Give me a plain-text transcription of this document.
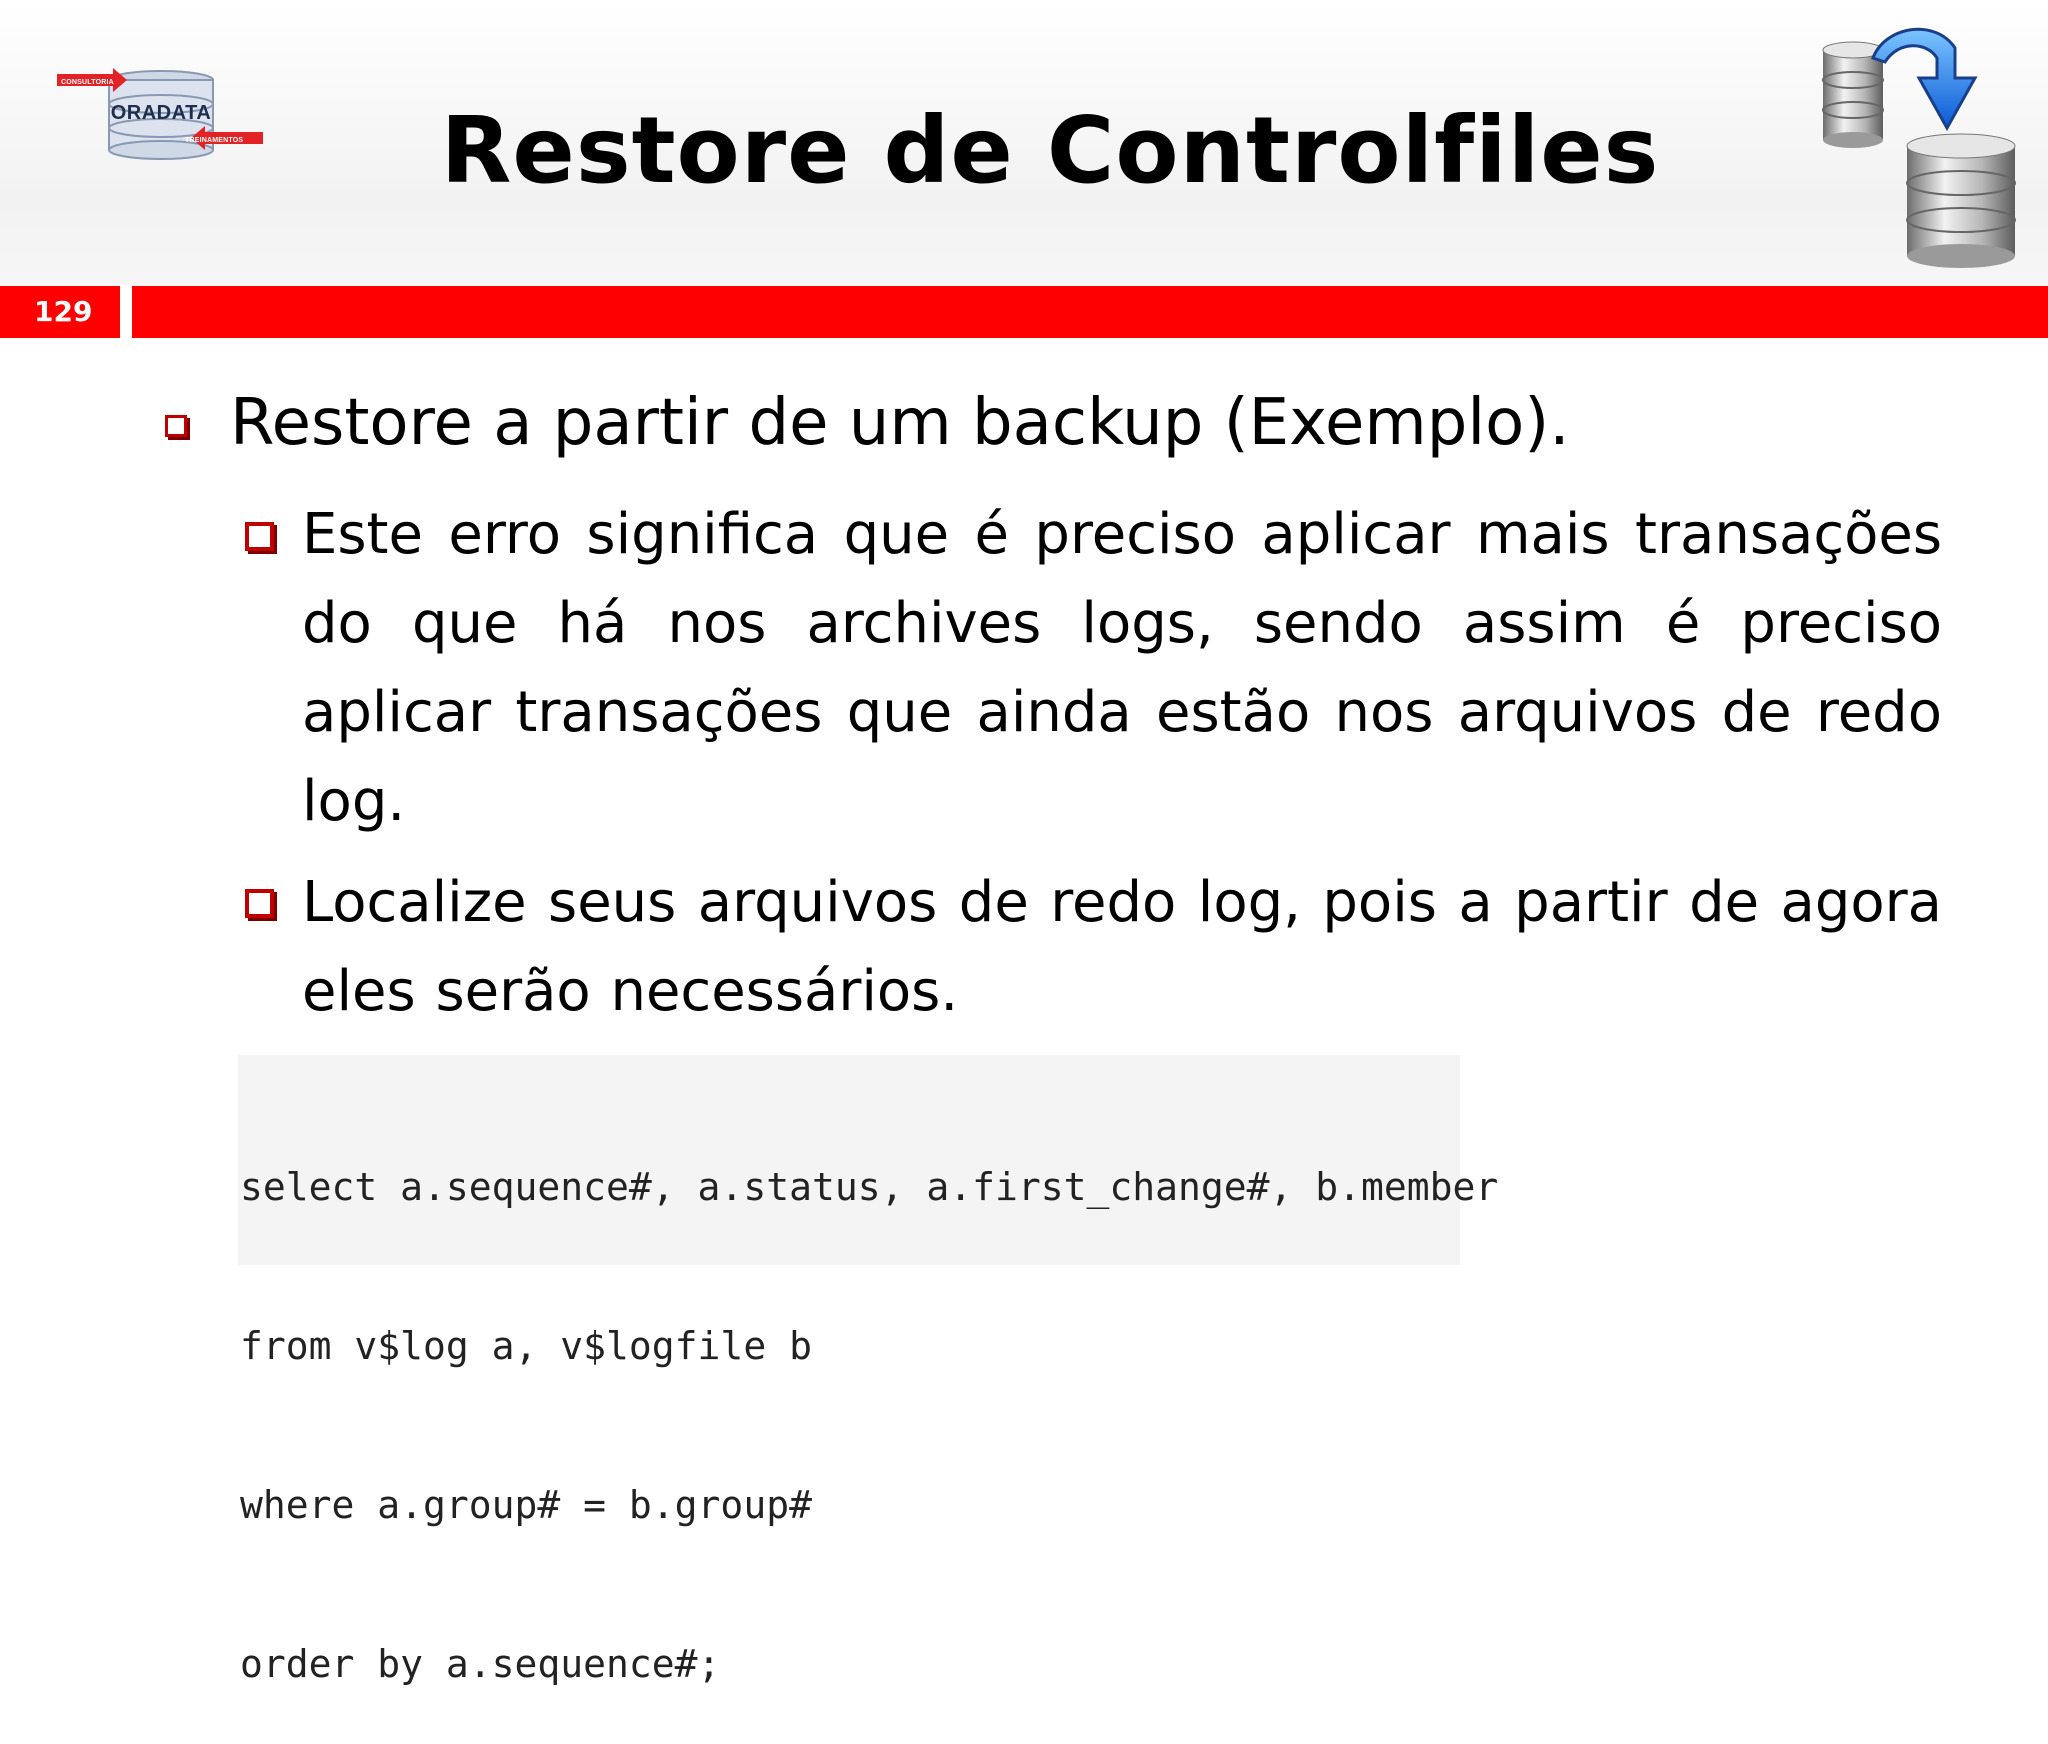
CONSULTORIA
ORADATA
TREINAMENTOS	Restore de Controlfiles
129
Restore a partir de um backup (Exemplo).
Este erro significa que é preciso aplicar mais transações do que há nos archives logs, sendo assim é preciso aplicar transações que ainda estão nos arquivos de redo log.
Localize seus arquivos de redo log, pois a partir de agora eles serão necessários.

select a.sequence#, a.status, a.first_change#, b.member

from v$log a, v$logfile b

where a.group# = b.group#

order by a.sequence#;
